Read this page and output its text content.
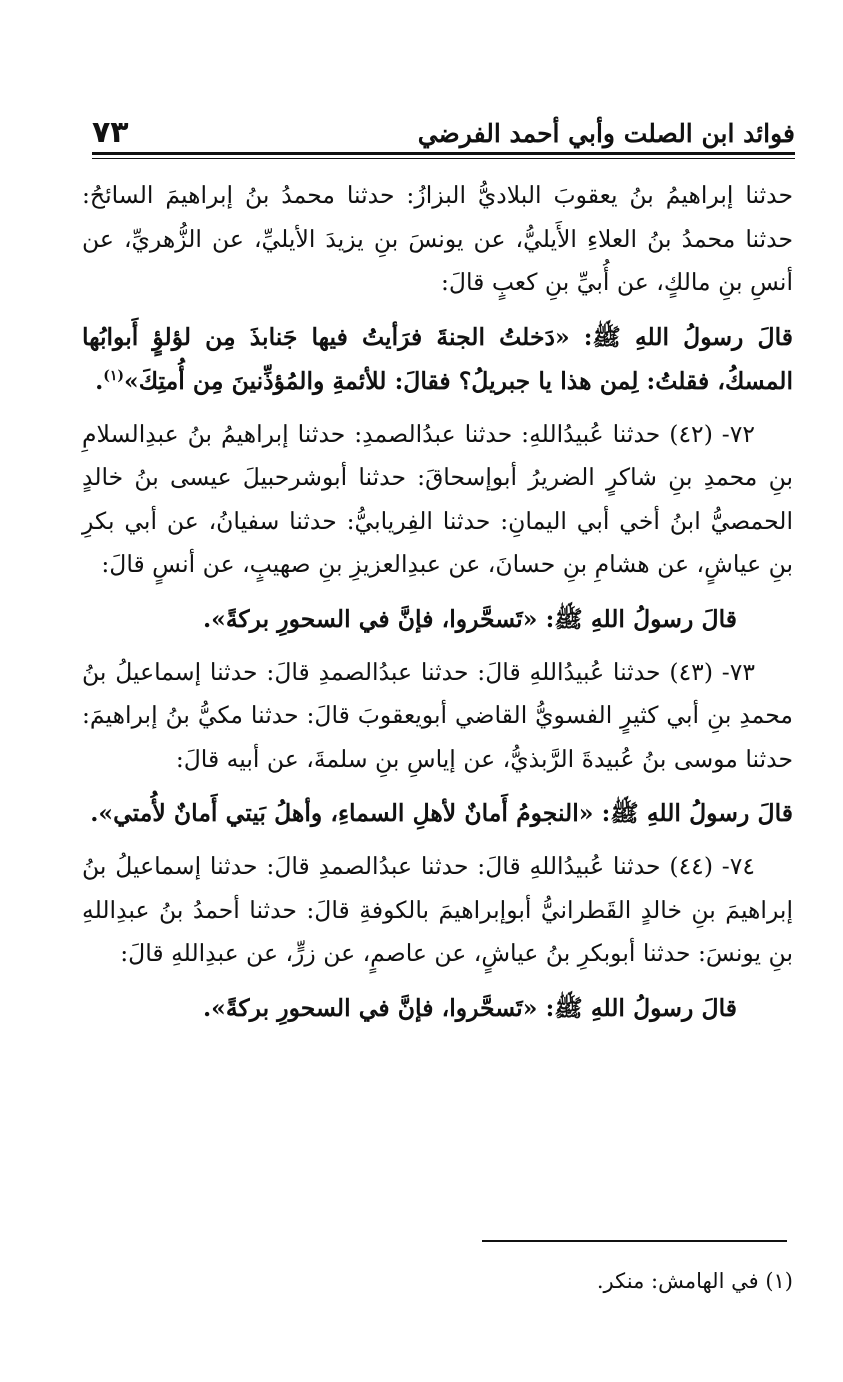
فوائد ابن الصلت وأبي أحمد الفرضي
٧٣

حدثنا إبراهيمُ بنُ يعقوبَ البلاديُّ البزازُ: حدثنا محمدُ بنُ إبراهيمَ السائحُ: حدثنا محمدُ بنُ العلاءِ الأَيليُّ، عن يونسَ بنِ يزيدَ الأيليِّ، عن الزُّهريِّ، عن أنسِ بنِ مالكٍ، عن أُبيِّ بنِ كعبٍ قالَ:

قالَ رسولُ اللهِ ﷺ: «دَخلتُ الجنةَ فرَأيتُ فيها جَنابذَ مِن لؤلؤٍ أَبوابُها المسكُ، فقلتُ: لِمن هذا يا جبريلُ؟ فقالَ: للأئمةِ والمُؤذِّنينَ مِن أُمتِكَ»$^{(١)}$.

٧٢- (٤٢) حدثنا عُبيدُاللهِ: حدثنا عبدُالصمدِ: حدثنا إبراهيمُ بنُ عبدِالسلامِ بنِ محمدِ بنِ شاكرٍ الضريرُ أبوإسحاقَ: حدثنا أبوشرحبيلَ عيسى بنُ خالدٍ الحمصيُّ ابنُ أخي أبي اليمانِ: حدثنا الفِريابيُّ: حدثنا سفيانُ، عن أبي بكرِ بنِ عياشٍ، عن هشامِ بنِ حسانَ، عن عبدِالعزيزِ بنِ صهيبٍ، عن أنسٍ قالَ:

قالَ رسولُ اللهِ ﷺ: «تَسحَّروا، فإنَّ في السحورِ بركةً».

٧٣- (٤٣) حدثنا عُبيدُاللهِ قالَ: حدثنا عبدُالصمدِ قالَ: حدثنا إسماعيلُ بنُ محمدِ بنِ أبي كثيرٍ الفسويُّ القاضي أبويعقوبَ قالَ: حدثنا مكيُّ بنُ إبراهيمَ: حدثنا موسى بنُ عُبيدةَ الرَّبذيُّ، عن إياسِ بنِ سلمةَ، عن أبيه قالَ:

قالَ رسولُ اللهِ ﷺ: «النجومُ أَمانٌ لأهلِ السماءِ، وأهلُ بَيتي أَمانٌ لأُمتي».

٧٤- (٤٤) حدثنا عُبيدُاللهِ قالَ: حدثنا عبدُالصمدِ قالَ: حدثنا إسماعيلُ بنُ إبراهيمَ بنِ خالدٍ القَطرانيُّ أبوإبراهيمَ بالكوفةِ قالَ: حدثنا أحمدُ بنُ عبدِاللهِ بنِ يونسَ: حدثنا أبوبكرِ بنُ عياشٍ، عن عاصمٍ، عن زرٍّ، عن عبدِاللهِ قالَ:

قالَ رسولُ اللهِ ﷺ: «تَسحَّروا، فإنَّ في السحورِ بركةً».

(١) في الهامش: منكر.
